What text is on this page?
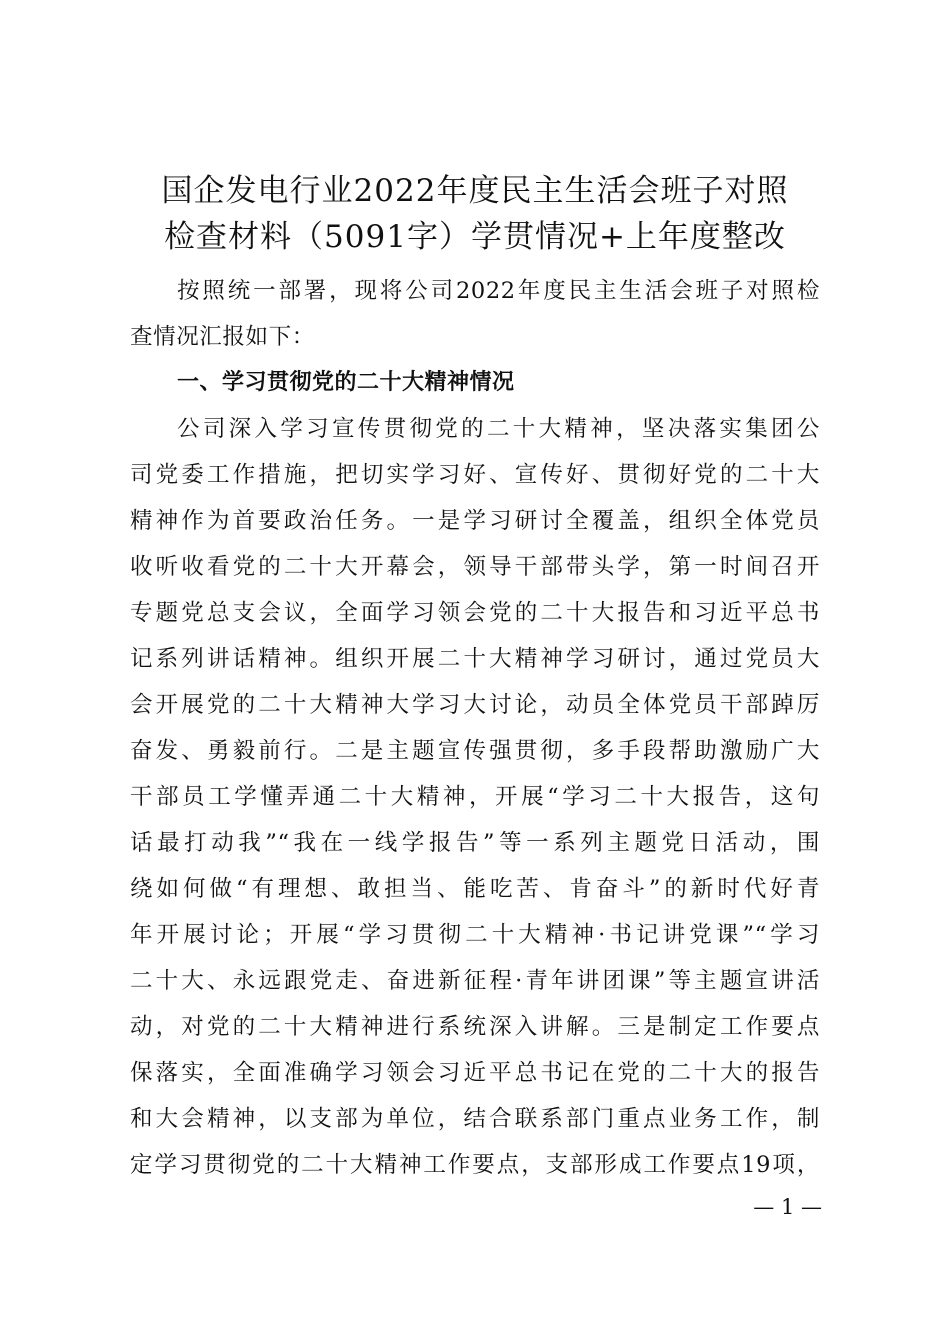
国企发电行业2022年度民主生活会班子对照
检查材料（5091字）学贯情况+上年度整改
按照统一部署，现将公司2022年度民主生活会班子对照检
查情况汇报如下：
一、学习贯彻党的二十大精神情况
公司深入学习宣传贯彻党的二十大精神，坚决落实集团公
司党委工作措施，把切实学习好、宣传好、贯彻好党的二十大
精神作为首要政治任务。一是学习研讨全覆盖，组织全体党员
收听收看党的二十大开幕会，领导干部带头学，第一时间召开
专题党总支会议，全面学习领会党的二十大报告和习近平总书
记系列讲话精神。组织开展二十大精神学习研讨，通过党员大
会开展党的二十大精神大学习大讨论，动员全体党员干部踔厉
奋发、勇毅前行。二是主题宣传强贯彻，多手段帮助激励广大
干部员工学懂弄通二十大精神，开展“学习二十大报告，这句
话最打动我”“我在一线学报告”等一系列主题党日活动，围
绕如何做“有理想、敢担当、能吃苦、肯奋斗”的新时代好青
年开展讨论；开展“学习贯彻二十大精神·书记讲党课”“学习
二十大、永远跟党走、奋进新征程·青年讲团课”等主题宣讲活
动，对党的二十大精神进行系统深入讲解。三是制定工作要点
保落实，全面准确学习领会习近平总书记在党的二十大的报告
和大会精神，以支部为单位，结合联系部门重点业务工作，制
定学习贯彻党的二十大精神工作要点，支部形成工作要点19项，
— 1 —
